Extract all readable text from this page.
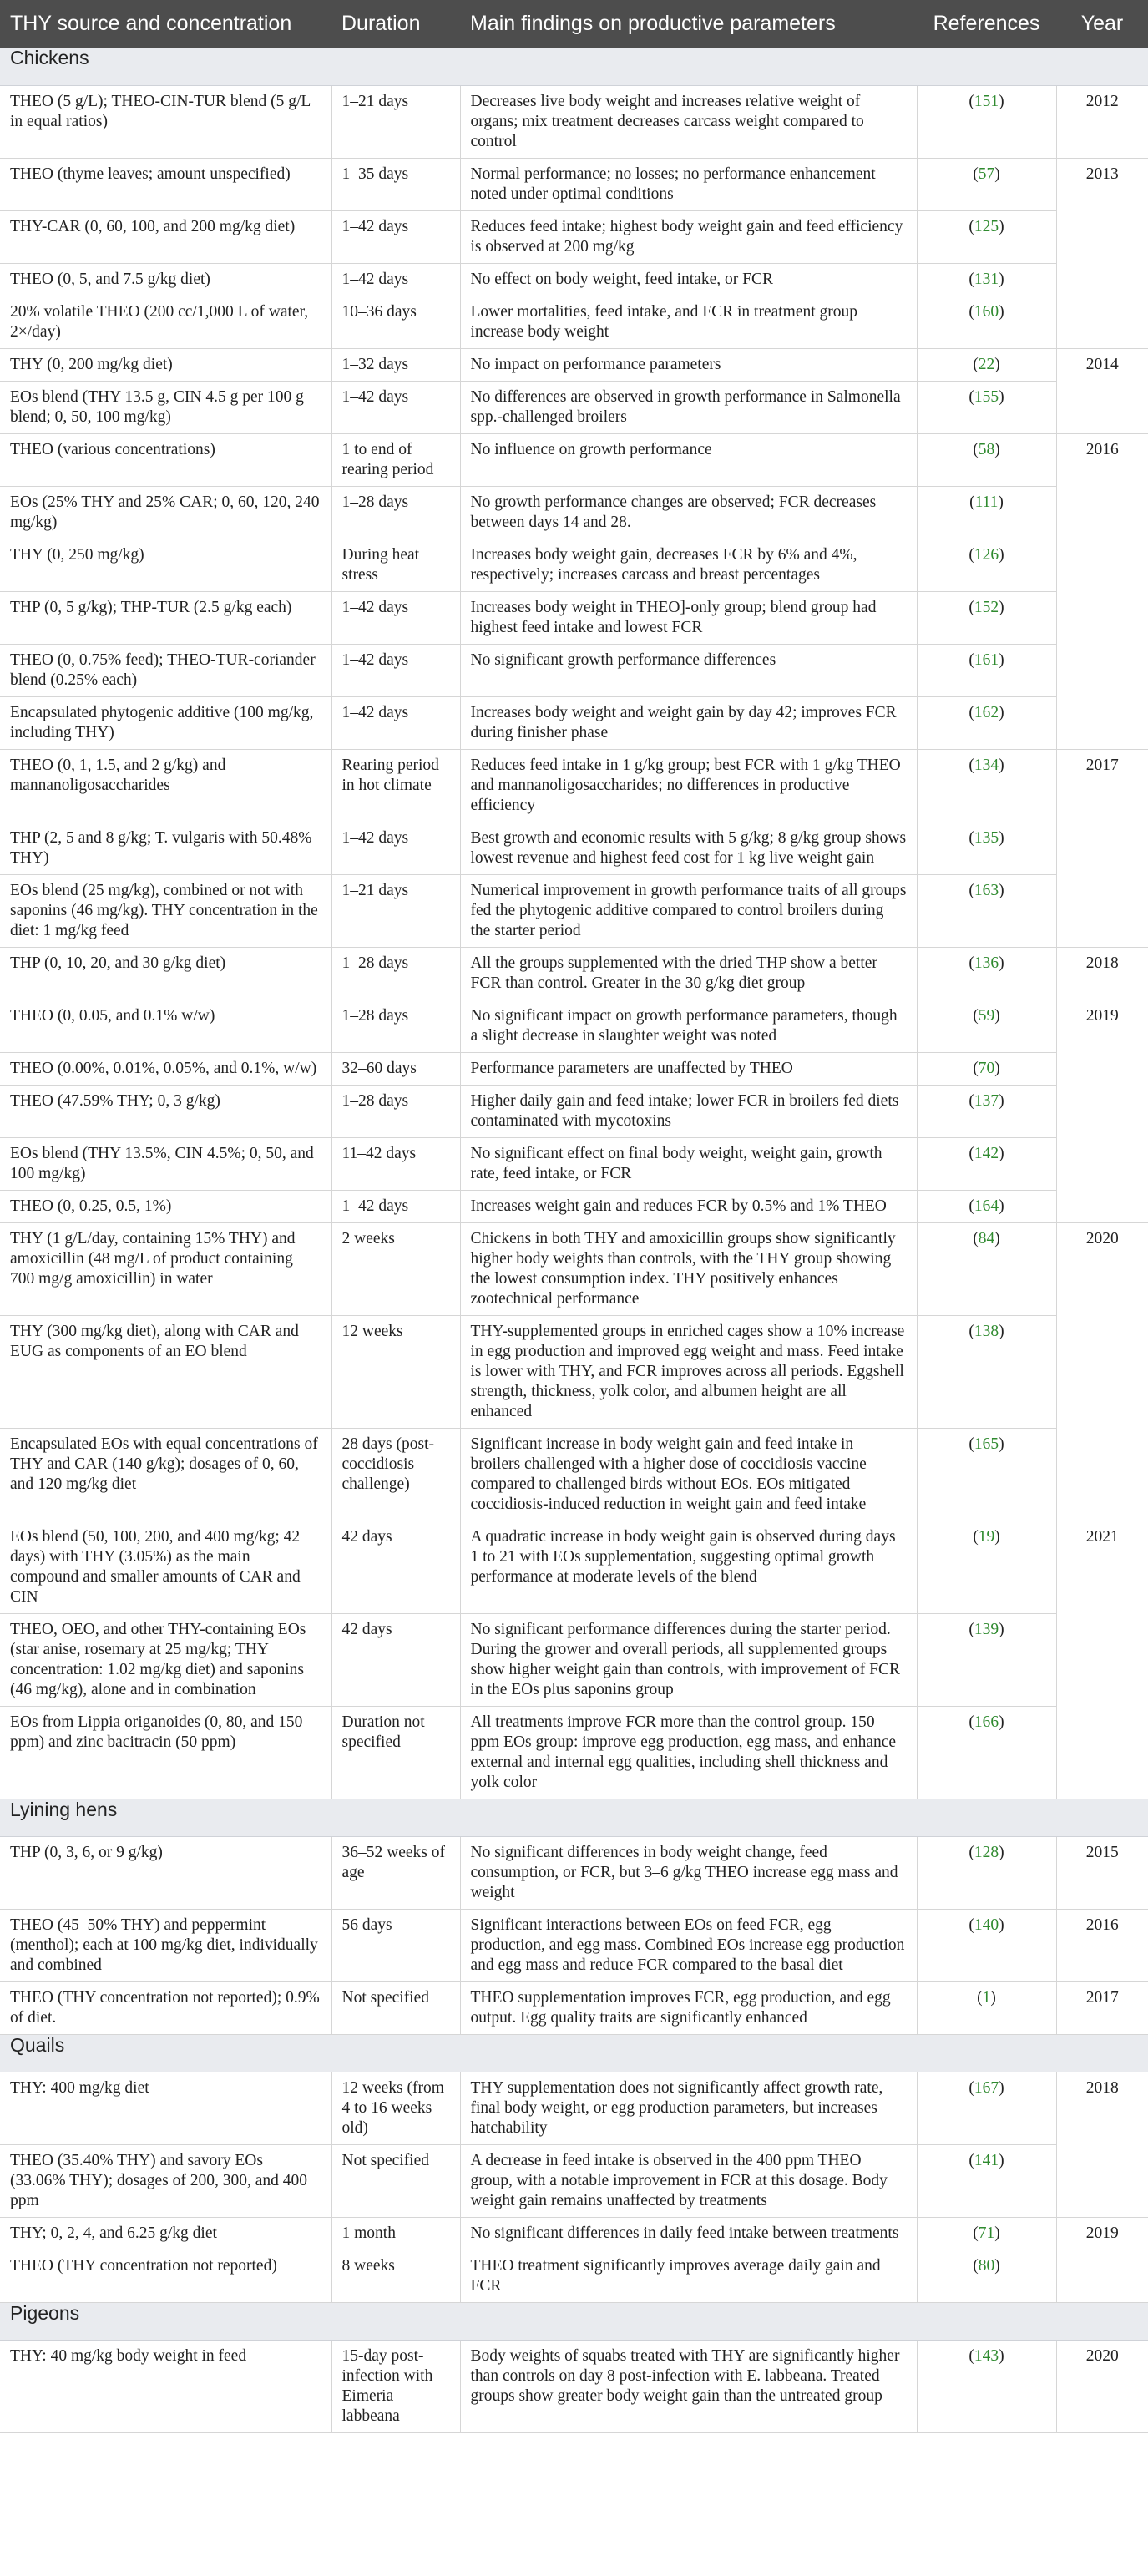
THY source and concentration	Duration	Main findings on productive parameters	References	Year
Chickens				
THEO (5 g/L); THEO-CIN-TUR blend (5 g/L in equal ratios)	1–21 days	Decreases live body weight and increases relative weight of organs; mix treatment decreases carcass weight compared to control	(151)	2012
THEO (thyme leaves; amount unspecified)	1–35 days	Normal performance; no losses; no performance enhancement noted under optimal conditions	(57)	2013
THY-CAR (0, 60, 100, and 200 mg/kg diet)	1–42 days	Reduces feed intake; highest body weight gain and feed efficiency is observed at 200 mg/kg	(125)	
THEO (0, 5, and 7.5 g/kg diet)	1–42 days	No effect on body weight, feed intake, or FCR	(131)	
20% volatile THEO (200 cc/1,000 L of water, 2×/day)	10–36 days	Lower mortalities, feed intake, and FCR in treatment group increase body weight	(160)	
THY (0, 200 mg/kg diet)	1–32 days	No impact on performance parameters	(22)	2014
EOs blend (THY 13.5 g, CIN 4.5 g per 100 g blend; 0, 50, 100 mg/kg)	1–42 days	No differences are observed in growth performance in Salmonella spp.-challenged broilers	(155)	
THEO (various concentrations)	1 to end of rearing period	No influence on growth performance	(58)	2016
EOs (25% THY and 25% CAR; 0, 60, 120, 240 mg/kg)	1–28 days	No growth performance changes are observed; FCR decreases between days 14 and 28.	(111)	
THY (0, 250 mg/kg)	During heat stress	Increases body weight gain, decreases FCR by 6% and 4%, respectively; increases carcass and breast percentages	(126)	
THP (0, 5 g/kg); THP-TUR (2.5 g/kg each)	1–42 days	Increases body weight in THEO]-only group; blend group had highest feed intake and lowest FCR	(152)	
THEO (0, 0.75% feed); THEO-TUR-coriander blend (0.25% each)	1–42 days	No significant growth performance differences	(161)	
Encapsulated phytogenic additive (100 mg/kg, including THY)	1–42 days	Increases body weight and weight gain by day 42; improves FCR during finisher phase	(162)	
THEO (0, 1, 1.5, and 2 g/kg) and mannanoligosaccharides	Rearing period in hot climate	Reduces feed intake in 1 g/kg group; best FCR with 1 g/kg THEO and mannanoligosaccharides; no differences in productive efficiency	(134)	2017
THP (2, 5 and 8 g/kg; T. vulgaris with 50.48% THY)	1–42 days	Best growth and economic results with 5 g/kg; 8 g/kg group shows lowest revenue and highest feed cost for 1 kg live weight gain	(135)	
EOs blend (25 mg/kg), combined or not with saponins (46 mg/kg). THY concentration in the diet: 1 mg/kg feed	1–21 days	Numerical improvement in growth performance traits of all groups fed the phytogenic additive compared to control broilers during the starter period	(163)	
THP (0, 10, 20, and 30 g/kg diet)	1–28 days	All the groups supplemented with the dried THP show a better FCR than control. Greater in the 30 g/kg diet group	(136)	2018
THEO (0, 0.05, and 0.1% w/w)	1–28 days	No significant impact on growth performance parameters, though a slight decrease in slaughter weight was noted	(59)	2019
THEO (0.00%, 0.01%, 0.05%, and 0.1%, w/w)	32–60 days	Performance parameters are unaffected by THEO	(70)	
THEO (47.59% THY; 0, 3 g/kg)	1–28 days	Higher daily gain and feed intake; lower FCR in broilers fed diets contaminated with mycotoxins	(137)	
EOs blend (THY 13.5%, CIN 4.5%; 0, 50, and 100 mg/kg)	11–42 days	No significant effect on final body weight, weight gain, growth rate, feed intake, or FCR	(142)	
THEO (0, 0.25, 0.5, 1%)	1–42 days	Increases weight gain and reduces FCR by 0.5% and 1% THEO	(164)	
THY (1 g/L/day, containing 15% THY) and amoxicillin (48 mg/L of product containing 700 mg/g amoxicillin) in water	2 weeks	Chickens in both THY and amoxicillin groups show significantly higher body weights than controls, with the THY group showing the lowest consumption index. THY positively enhances zootechnical performance	(84)	2020
THY (300 mg/kg diet), along with CAR and EUG as components of an EO blend	12 weeks	THY-supplemented groups in enriched cages show a 10% increase in egg production and improved egg weight and mass. Feed intake is lower with THY, and FCR improves across all periods. Eggshell strength, thickness, yolk color, and albumen height are all enhanced	(138)	
Encapsulated EOs with equal concentrations of THY and CAR (140 g/kg); dosages of 0, 60, and 120 mg/kg diet	28 days (post-coccidiosis challenge)	Significant increase in body weight gain and feed intake in broilers challenged with a higher dose of coccidiosis vaccine compared to challenged birds without EOs. EOs mitigated coccidiosis-induced reduction in weight gain and feed intake	(165)	
EOs blend (50, 100, 200, and 400 mg/kg; 42 days) with THY (3.05%) as the main compound and smaller amounts of CAR and CIN	42 days	A quadratic increase in body weight gain is observed during days 1 to 21 with EOs supplementation, suggesting optimal growth performance at moderate levels of the blend	(19)	2021
THEO, OEO, and other THY-containing EOs (star anise, rosemary at 25 mg/kg; THY concentration: 1.02 mg/kg diet) and saponins (46 mg/kg), alone and in combination	42 days	No significant performance differences during the starter period. During the grower and overall periods, all supplemented groups show higher weight gain than controls, with improvement of FCR in the EOs plus saponins group	(139)	
EOs from Lippia origanoides (0, 80, and 150 ppm) and zinc bacitracin (50 ppm)	Duration not specified	All treatments improve FCR more than the control group. 150 ppm EOs group: improve egg production, egg mass, and enhance external and internal egg qualities, including shell thickness and yolk color	(166)	
Lyining hens				
THP (0, 3, 6, or 9 g/kg)	36–52 weeks of age	No significant differences in body weight change, feed consumption, or FCR, but 3–6 g/kg THEO increase egg mass and weight	(128)	2015
THEO (45–50% THY) and peppermint (menthol); each at 100 mg/kg diet, individually and combined	56 days	Significant interactions between EOs on feed FCR, egg production, and egg mass. Combined EOs increase egg production and egg mass and reduce FCR compared to the basal diet	(140)	2016
THEO (THY concentration not reported); 0.9% of diet.	Not specified	THEO supplementation improves FCR, egg production, and egg output. Egg quality traits are significantly enhanced	(1)	2017
Quails				
THY: 400 mg/kg diet	12 weeks (from 4 to 16 weeks old)	THY supplementation does not significantly affect growth rate, final body weight, or egg production parameters, but increases hatchability	(167)	2018
THEO (35.40% THY) and savory EOs (33.06% THY); dosages of 200, 300, and 400 ppm	Not specified	A decrease in feed intake is observed in the 400 ppm THEO group, with a notable improvement in FCR at this dosage. Body weight gain remains unaffected by treatments	(141)	
THY; 0, 2, 4, and 6.25 g/kg diet	1 month	No significant differences in daily feed intake between treatments	(71)	2019
THEO (THY concentration not reported)	8 weeks	THEO treatment significantly improves average daily gain and FCR	(80)	
Pigeons				
THY: 40 mg/kg body weight in feed	15-day post-infection with Eimeria labbeana	Body weights of squabs treated with THY are significantly higher than controls on day 8 post-infection with E. labbeana. Treated groups show greater body weight gain than the untreated group	(143)	2020
